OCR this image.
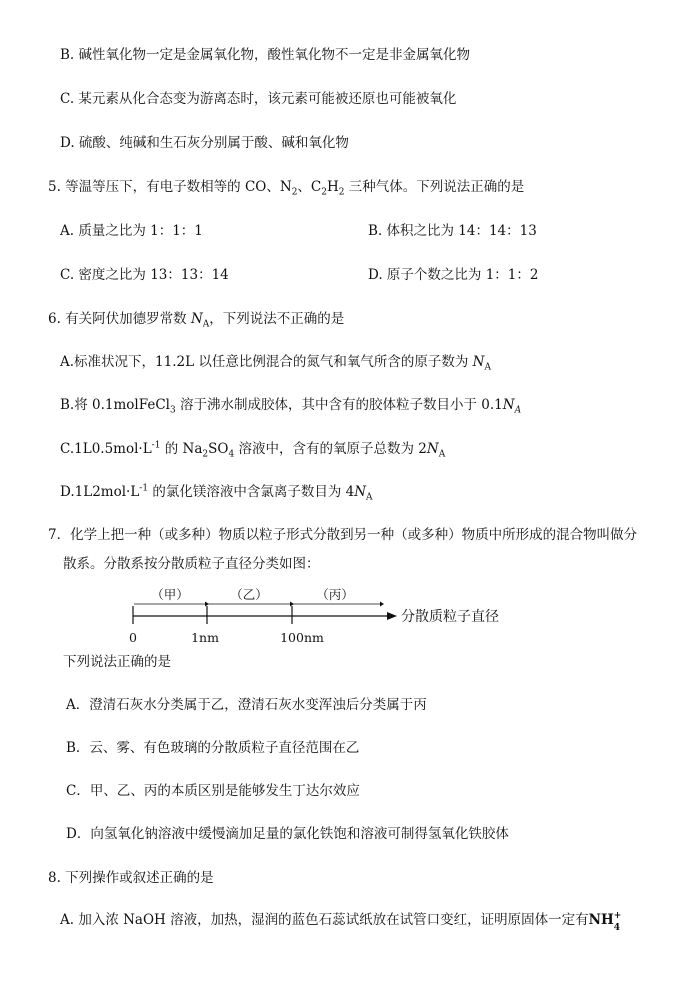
B. 碱性氧化物一定是金属氧化物，酸性氧化物不一定是非金属氧化物
C. 某元素从化合态变为游离态时，该元素可能被还原也可能被氧化
D. 硫酸、纯碱和生石灰分别属于酸、碱和氧化物
5. 等温等压下，有电子数相等的 CO、$N_2$、$C_2H_2$ 三种气体。下列说法正确的是
A. 质量之比为 1：1：1	B. 体积之比为 14：14：13
C. 密度之比为 13：13：14	D. 原子个数之比为 1：1：2
6. 有关阿伏加德罗常数 $N_A$，下列说法不正确的是
A.标准状况下，11.2L 以任意比例混合的氮气和氧气所含的原子数为 $N_A$
B.将 0.1molFeCl$_3$ 溶于沸水制成胶体，其中含有的胶体粒子数目小于 $0.1N_A$
$C.1L0.5mol\cdot L^{-1}$ 的 $Na_2SO_4$ 溶液中，含有的氧原子总数为 $2N_A$
$D.1L2mol\cdot L^{-1}$ 的氯化镁溶液中含氯离子数目为 $4N_A$
7．化学上把一种（或多种）物质以粒子形式分散到另一种（或多种）物质中所形成的混合物叫做分
散系。分散系按分散质粒子直径分类如图：
（甲）	（乙）	（丙）
0	1nm	100nm
分散质粒子直径
下列说法正确的是
A．澄清石灰水分类属于乙，澄清石灰水变浑浊后分类属于丙
B．云、雾、有色玻璃的分散质粒子直径范围在乙
C．甲、乙、丙的本质区别是能够发生丁达尔效应
D．向氢氧化钠溶液中缓慢滴加足量的氯化铁饱和溶液可制得氢氧化铁胶体
8. 下列操作或叙述正确的是
A. 加入浓 NaOH 溶液，加热，湿润的蓝色石蕊试纸放在试管口变红，证明原固体一定有NH +
4
